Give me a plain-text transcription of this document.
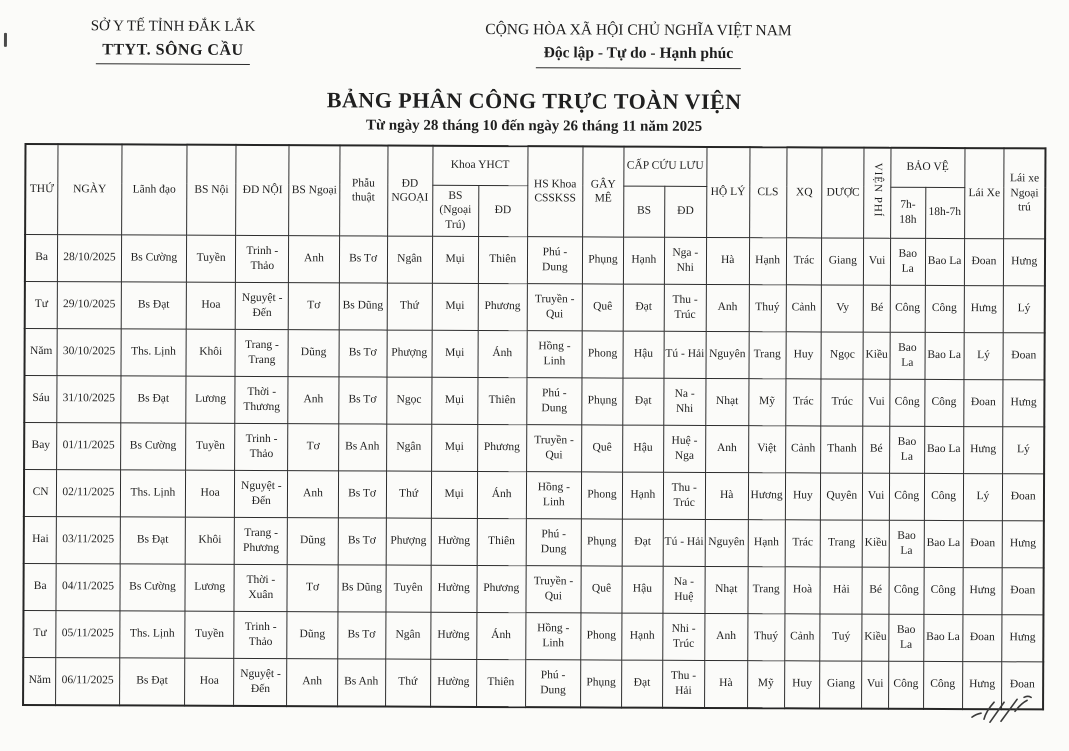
SỞ Y TẾ TỈNH ĐẮK LẮK
TTYT. SÔNG CẦU
CỘNG HÒA XÃ HỘI CHỦ NGHĨA VIỆT NAM
Độc lập - Tự do - Hạnh phúc
BẢNG PHÂN CÔNG TRỰC TOÀN VIỆN
Từ ngày 28 tháng 10 đến ngày 26 tháng 11 năm 2025
THỨ	NGÀY	Lãnh đạo	BS Nội	ĐD NỘI	BS Ngoại	Phẫu thuật	ĐD NGOẠI	Khoa YHCT		HS Khoa CSSKSS	GÂY MÊ	CẤP CỨU LƯU		HỘ LÝ	CLS	XQ	DƯỢC	VIỆN PHÍ	BẢO VỆ		Lái Xe	Lái xe Ngoại trú
								BS (Ngoại Trú)	ĐD			BS	ĐD						7h-18h	18h-7h		
Ba	28/10/2025	Bs Cường	Tuyền	Trinh - Thảo	Anh	Bs Tơ	Ngân	Mụi	Thiên	Phú - Dung	Phụng	Hạnh	Nga - Nhi	Hà	Hạnh	Trác	Giang	Vui	Bao La	Bao La	Đoan	Hưng
Tư	29/10/2025	Bs Đạt	Hoa	Nguyệt - Đến	Tơ	Bs Dũng	Thứ	Mụi	Phương	Truyền - Qui	Quê	Đạt	Thu - Trúc	Anh	Thuý	Cảnh	Vy	Bé	Công	Công	Hưng	Lý
Năm	30/10/2025	Ths. Lịnh	Khôi	Trang - Trang	Dũng	Bs Tơ	Phượng	Mụi	Ánh	Hồng - Linh	Phong	Hậu	Tú - Hải	Nguyên	Trang	Huy	Ngọc	Kiều	Bao La	Bao La	Lý	Đoan
Sáu	31/10/2025	Bs Đạt	Lương	Thời - Thương	Anh	Bs Tơ	Ngọc	Mụi	Thiên	Phú - Dung	Phụng	Đạt	Na - Nhi	Nhạt	Mỹ	Trác	Trúc	Vui	Công	Công	Đoan	Hưng
Bay	01/11/2025	Bs Cường	Tuyền	Trinh - Thảo	Tơ	Bs Anh	Ngân	Mụi	Phương	Truyền - Qui	Quê	Hậu	Huệ - Nga	Anh	Việt	Cảnh	Thanh	Bé	Bao La	Bao La	Hưng	Lý
CN	02/11/2025	Ths. Lịnh	Hoa	Nguyệt - Đến	Anh	Bs Tơ	Thứ	Mụi	Ánh	Hồng - Linh	Phong	Hạnh	Thu - Trúc	Hà	Hương	Huy	Quyên	Vui	Công	Công	Lý	Đoan
Hai	03/11/2025	Bs Đạt	Khôi	Trang - Phương	Dũng	Bs Tơ	Phượng	Hường	Thiên	Phú - Dung	Phụng	Đạt	Tú - Hải	Nguyên	Hạnh	Trác	Trang	Kiều	Bao La	Bao La	Đoan	Hưng
Ba	04/11/2025	Bs Cường	Lương	Thời - Xuân	Tơ	Bs Dũng	Tuyên	Hường	Phương	Truyền - Qui	Quê	Hậu	Na - Huệ	Nhạt	Trang	Hoà	Hải	Bé	Công	Công	Hưng	Đoan
Tư	05/11/2025	Ths. Lịnh	Tuyền	Trinh - Thảo	Dũng	Bs Tơ	Ngân	Hường	Ánh	Hồng - Linh	Phong	Hạnh	Nhi - Trúc	Anh	Thuý	Cảnh	Tuý	Kiều	Bao La	Bao La	Đoan	Hưng
Năm	06/11/2025	Bs Đạt	Hoa	Nguyệt - Đến	Anh	Bs Anh	Thứ	Hường	Thiên	Phú - Dung	Phụng	Đạt	Thu - Hải	Hà	Mỹ	Huy	Giang	Vui	Công	Công	Hưng	Đoan
